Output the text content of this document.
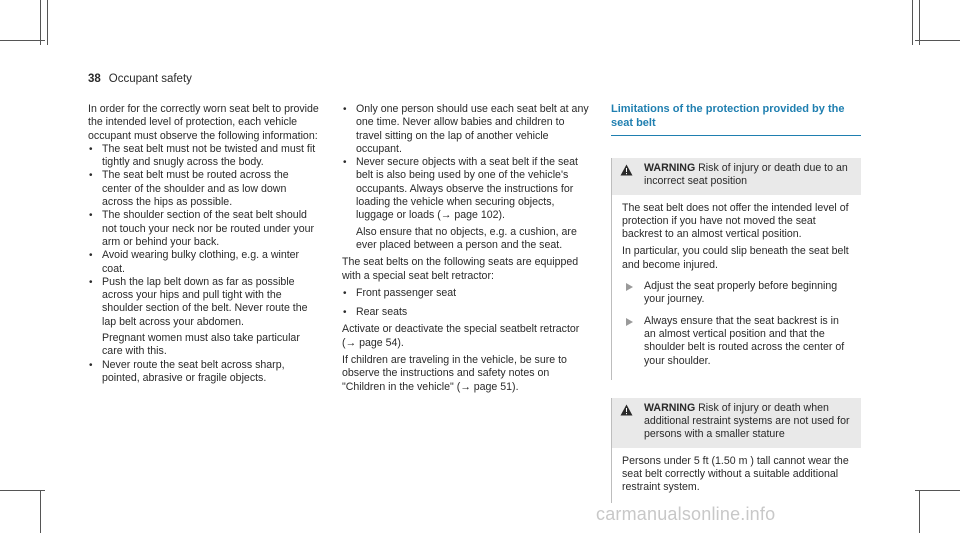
38 Occupant safety

In order for the correctly worn seat belt to provide the intended level of protection, each vehicle occupant must observe the following information:

• The seat belt must not be twisted and must fit tightly and snugly across the body.
• The seat belt must be routed across the center of the shoulder and as low down across the hips as possible.
• The shoulder section of the seat belt should not touch your neck nor be routed under your arm or behind your back.
• Avoid wearing bulky clothing, e.g. a winter coat.
• Push the lap belt down as far as possible across your hips and pull tight with the shoulder section of the belt. Never route the lap belt across your abdomen.
Pregnant women must also take particular care with this.
• Never route the seat belt across sharp, pointed, abrasive or fragile objects.
• Only one person should use each seat belt at any one time. Never allow babies and children to travel sitting on the lap of another vehicle occupant.
• Never secure objects with a seat belt if the seat belt is also being used by one of the vehicle's occupants. Always observe the instructions for loading the vehicle when securing objects, luggage or loads (→ page 102).
Also ensure that no objects, e.g. a cushion, are ever placed between a person and the seat.

The seat belts on the following seats are equipped with a special seat belt retractor:

• Front passenger seat
• Rear seats

Activate or deactivate the special seatbelt retractor (→ page 54).

If children are traveling in the vehicle, be sure to observe the instructions and safety notes on "Children in the vehicle" (→ page 51).

Limitations of the protection provided by the seat belt
WARNING Risk of injury or death due to an incorrect seat position

The seat belt does not offer the intended level of protection if you have not moved the seat backrest to an almost vertical position.

In particular, you could slip beneath the seat belt and become injured.

Adjust the seat properly before beginning your journey.
Always ensure that the seat backrest is in an almost vertical position and that the shoulder belt is routed across the center of your shoulder.
WARNING Risk of injury or death when additional restraint systems are not used for persons with a smaller stature

Persons under 5 ft (1.50 m ) tall cannot wear the seat belt correctly without a suitable additional restraint system.

carmanualsonline.info
